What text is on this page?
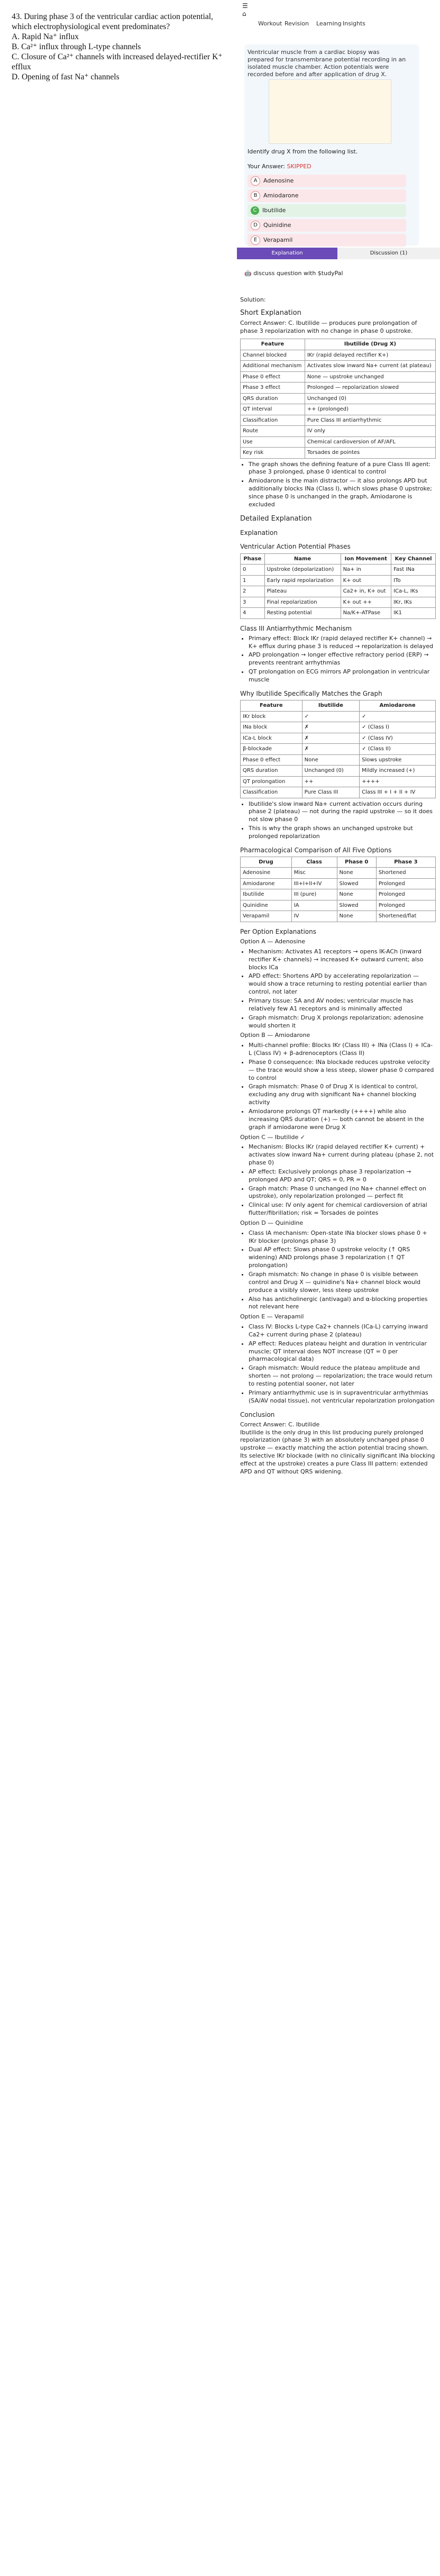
43. During phase 3 of the ventricular cardiac action potential, which electrophysiological event predominates?

A. Rapid Na⁺ influx

B. Ca²⁺ influx through L-type channels

C. Closure of Ca²⁺ channels with increased delayed-rectifier K⁺ efflux

D. Opening of fast Na⁺ channels

☰
⌂
Workout Revision Learning Insights
Ventricular muscle from a cardiac biopsy was prepared for transmembrane potential recording in an isolated muscle chamber. Action potentials were recorded before and after application of drug X.
Identify drug X from the following list.
Your Answer: SKIPPED
A	Adenosine
B	Amiodarone
C Ibutilide
D	Quinidine
E	Verapamil
Explanation	Discussion (1)
🤖 discuss question with $tudyPal
Solution:
Short Explanation
Correct Answer: C. Ibutilide — produces pure prolongation of phase 3 repolarization with no change in phase 0 upstroke.
Feature	Ibutilide (Drug X)
Channel blocked	IKr (rapid delayed rectifier K+)
Additional mechanism	Activates slow inward Na+ current (at plateau)
Phase 0 effect	None — upstroke unchanged
Phase 3 effect	Prolonged — repolarization slowed
QRS duration	Unchanged (0)
QT interval	++ (prolonged)
Classification	Pure Class III antiarrhythmic
Route	IV only
Use	Chemical cardioversion of AF/AFL
Key risk	Torsades de pointes
• The graph shows the defining feature of a pure Class III agent: phase 3 prolonged, phase 0 identical to control
• Amiodarone is the main distractor — it also prolongs APD but additionally blocks INa (Class I), which slows phase 0 upstroke; since phase 0 is unchanged in the graph, Amiodarone is excluded
Detailed Explanation
Explanation
Ventricular Action Potential Phases
Phase	Name	Ion Movement	Key Channel
0	Upstroke (depolarization)	Na+ in	Fast INa
1	Early rapid repolarization	K+ out	ITo
2	Plateau	Ca2+ in, K+ out	ICa-L, IKs
3	Final repolarization	K+ out ++	IKr, IKs
4	Resting potential	Na/K+-ATPase	IK1
Class III Antiarrhythmic Mechanism
• Primary effect: Block IKr (rapid delayed rectifier K+ channel) → K+ efflux during phase 3 is reduced → repolarization is delayed
• APD prolongation → longer effective refractory period (ERP) → prevents reentrant arrhythmias
• QT prolongation on ECG mirrors AP prolongation in ventricular muscle
Why Ibutilide Specifically Matches the Graph
Feature	Ibutilide	Amiodarone
IKr block	✓	✓
INa block	✗	✓ (Class I)
ICa-L block	✗	✓ (Class IV)
β-blockade	✗	✓ (Class II)
Phase 0 effect	None	Slows upstroke
QRS duration	Unchanged (0)	Mildly increased (+)
QT prolongation	++	++++
Classification	Pure Class III	Class III + I + II + IV
• Ibutilide's slow inward Na+ current activation occurs during phase 2 (plateau) — not during the rapid upstroke — so it does not slow phase 0
• This is why the graph shows an unchanged upstroke but prolonged repolarization
Pharmacological Comparison of All Five Options
Drug	Class	Phase 0	Phase 3
Adenosine	Misc	None	Shortened
Amiodarone	III+I+II+IV	Slowed	Prolonged
Ibutilide	III (pure)	None	Prolonged
Quinidine	IA	Slowed	Prolonged
Verapamil	IV	None	Shortened/flat
Per Option Explanations
Option A — Adenosine
• Mechanism: Activates A1 receptors → opens IK-ACh (inward rectifier K+ channels) → increased K+ outward current; also blocks ICa
• APD effect: Shortens APD by accelerating repolarization — would show a trace returning to resting potential earlier than control, not later
• Primary tissue: SA and AV nodes; ventricular muscle has relatively few A1 receptors and is minimally affected
• Graph mismatch: Drug X prolongs repolarization; adenosine would shorten it
Option B — Amiodarone
• Multi-channel profile: Blocks IKr (Class III) + INa (Class I) + ICa-L (Class IV) + β-adrenoceptors (Class II)
• Phase 0 consequence: INa blockade reduces upstroke velocity — the trace would show a less steep, slower phase 0 compared to control
• Graph mismatch: Phase 0 of Drug X is identical to control, excluding any drug with significant Na+ channel blocking activity
• Amiodarone prolongs QT markedly (++++) while also increasing QRS duration (+) — both cannot be absent in the graph if amiodarone were Drug X
Option C — Ibutilide ✓
• Mechanism: Blocks IKr (rapid delayed rectifier K+ current) + activates slow inward Na+ current during plateau (phase 2, not phase 0)
• AP effect: Exclusively prolongs phase 3 repolarization → prolonged APD and QT; QRS = 0, PR = 0
• Graph match: Phase 0 unchanged (no Na+ channel effect on upstroke), only repolarization prolonged — perfect fit
• Clinical use: IV only agent for chemical cardioversion of atrial flutter/fibrillation; risk = Torsades de pointes
Option D — Quinidine
• Class IA mechanism: Open-state INa blocker slows phase 0 + IKr blocker (prolongs phase 3)
• Dual AP effect: Slows phase 0 upstroke velocity (↑ QRS widening) AND prolongs phase 3 repolarization (↑ QT prolongation)
• Graph mismatch: No change in phase 0 is visible between control and Drug X — quinidine's Na+ channel block would produce a visibly slower, less steep upstroke
• Also has anticholinergic (antivagal) and α-blocking properties not relevant here
Option E — Verapamil
• Class IV: Blocks L-type Ca2+ channels (ICa-L) carrying inward Ca2+ current during phase 2 (plateau)
• AP effect: Reduces plateau height and duration in ventricular muscle; QT interval does NOT increase (QT = 0 per pharmacological data)
• Graph mismatch: Would reduce the plateau amplitude and shorten — not prolong — repolarization; the trace would return to resting potential sooner, not later
• Primary antiarrhythmic use is in supraventricular arrhythmias (SA/AV nodal tissue), not ventricular repolarization prolongation
Conclusion
Correct Answer: C. Ibutilide
Ibutilide is the only drug in this list producing purely prolonged repolarization (phase 3) with an absolutely unchanged phase 0 upstroke — exactly matching the action potential tracing shown. Its selective IKr blockade (with no clinically significant INa blocking effect at the upstroke) creates a pure Class III pattern: extended APD and QT without QRS widening.
